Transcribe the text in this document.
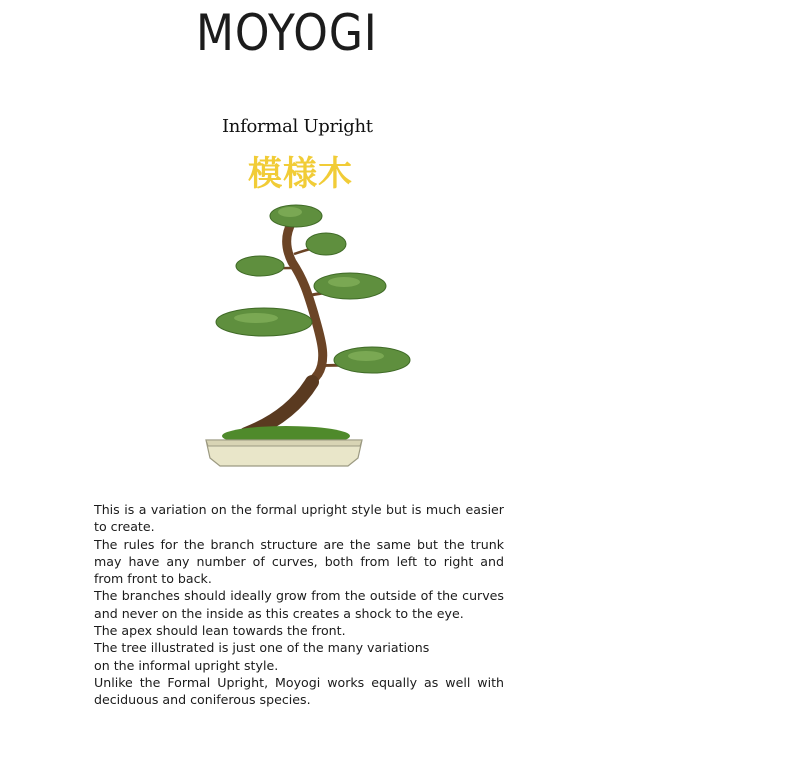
MOYOGI
Informal Upright
模様木

This is a variation on the formal upright style but is much easier to create.

The rules for the branch structure are the same but the trunk may have any number of curves, both from left to right and from front to back.

The branches should ideally grow from the outside of the curves and never on the inside as this creates a shock to the eye.

The apex should lean towards the front.

The tree illustrated is just one of the many variations on the informal upright style.

Unlike the Formal Upright, Moyogi works equally as well with deciduous and coniferous species.
